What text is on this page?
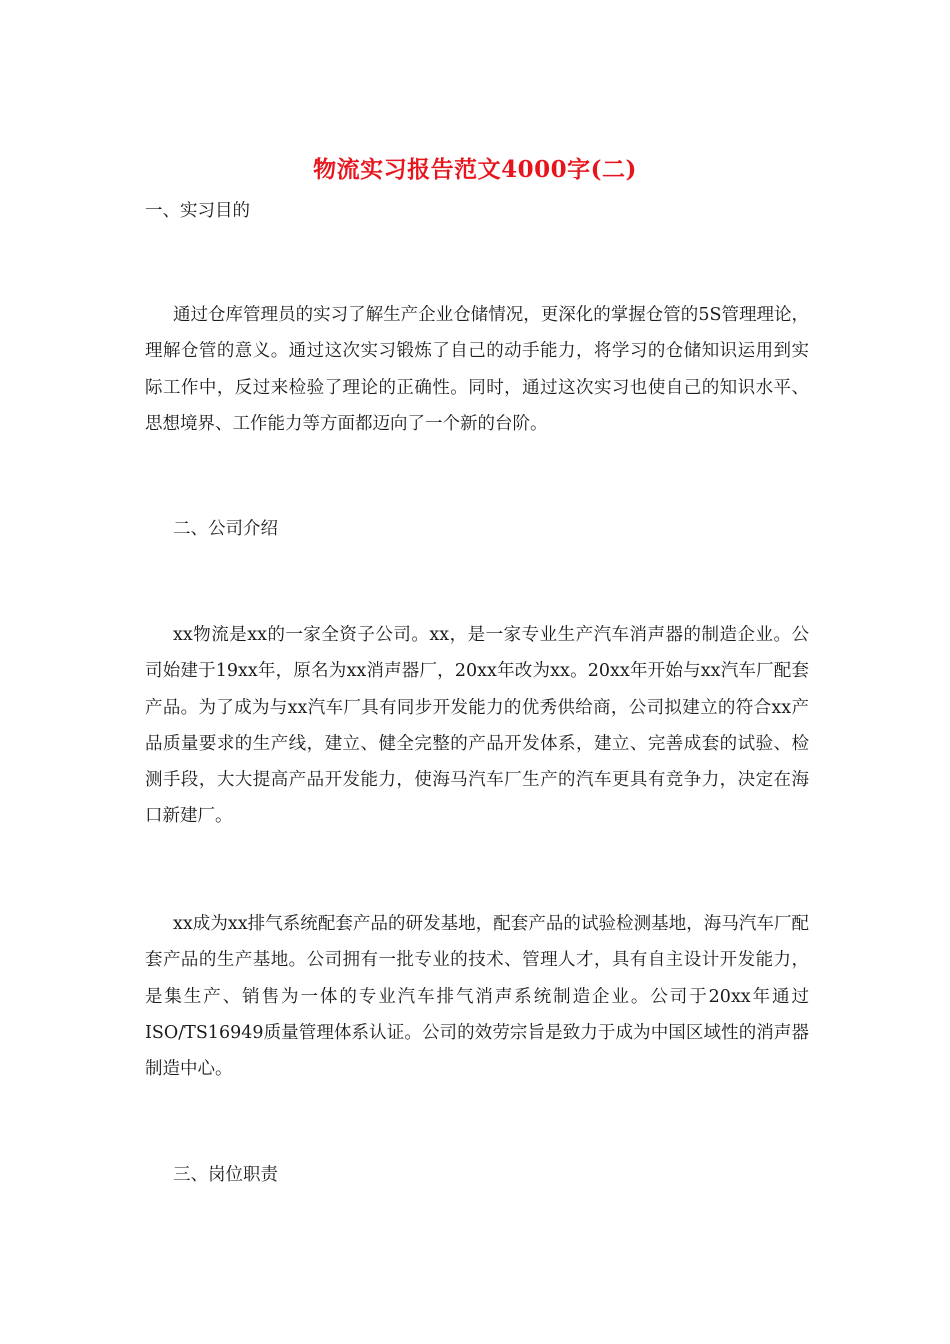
物流实习报告范文4000字(二)
一、实习目的
通过仓库管理员的实习了解生产企业仓储情况，更深化的掌握仓管的5S管理理论，理解仓管的意义。通过这次实习锻炼了自己的动手能力，将学习的仓储知识运用到实际工作中，反过来检验了理论的正确性。同时，通过这次实习也使自己的知识水平、思想境界、工作能力等方面都迈向了一个新的台阶。
二、公司介绍
xx物流是xx的一家全资子公司。xx，是一家专业生产汽车消声器的制造企业。公司始建于19xx年，原名为xx消声器厂，20xx年改为xx。20xx年开始与xx汽车厂配套产品。为了成为与xx汽车厂具有同步开发能力的优秀供给商，公司拟建立的符合xx产品质量要求的生产线，建立、健全完整的产品开发体系，建立、完善成套的试验、检测手段，大大提高产品开发能力，使海马汽车厂生产的汽车更具有竞争力，决定在海口新建厂。
xx成为xx排气系统配套产品的研发基地，配套产品的试验检测基地，海马汽车厂配套产品的生产基地。公司拥有一批专业的技术、管理人才，具有自主设计开发能力，是集生产、销售为一体的专业汽车排气消声系统制造企业。公司于20xx年通过ISO/TS16949质量管理体系认证。公司的效劳宗旨是致力于成为中国区域性的消声器制造中心。
三、岗位职责
